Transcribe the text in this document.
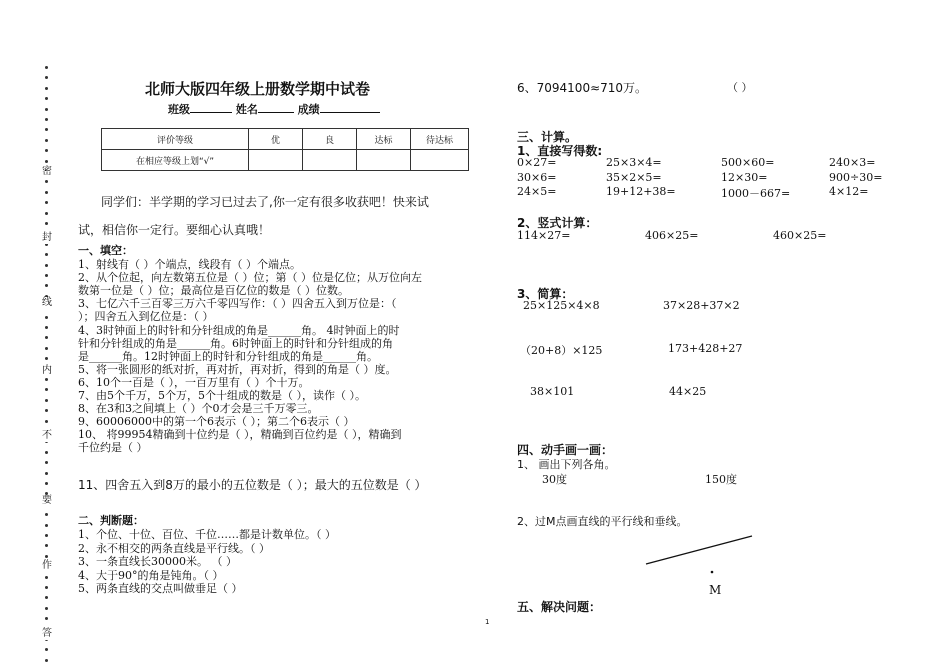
密
封
线
内
不
要
作
答
北师大版四年级上册数学期中试卷
班级	姓名	成绩
评价等级	优	良	达标	待达标
在相应等级上划“√”				
同学们：半学期的学习已过去了,你一定有很多收获吧！快来试
试，相信你一定行。要细心认真哦！
一、填空：
1、射线有（ ）个端点，线段有（ ）个端点。
2、从个位起，向左数第五位是（ ）位；第（ ）位是亿位；从万位向左
数第一位是（ ）位；最高位是百亿位的数是（ ）位数。
3、七亿六千三百零三万六千零四写作：（ ）四舍五入到万位是：（
）；四舍五入到亿位是：（ ）
4、3时钟面上的时针和分针组成的角是______角。 4时钟面上的时
针和分针组成的角是______角。6时钟面上的时针和分针组成的角
是______角。12时钟面上的时针和分针组成的角是______角。
5、将一张圆形的纸对折，再对折，再对折，得到的角是（ ）度。
6、10个一百是（ ），一百万里有（ ）个十万。
7、由5个千万，5个万，5个十组成的数是（ ），读作（ ）。
8、在3和3之间填上（ ）个0才会是三千万零三。
9、60006000中的第一个6表示（ ）；第二个6表示（ ）
10、 将99954精确到十位约是（ ），精确到百位约是（ ），精确到
千位约是（ ）
11、四舍五入到8万的最小的五位数是（ ）；最大的五位数是（ ）
二、判断题：
1、个位、十位、百位、千位……都是计数单位。（ ）
2、永不相交的两条直线是平行线。（ ）
3、一条直线长30000米。 （ ）
4、大于90°的角是钝角。（ ）
5、两条直线的交点叫做垂足（ ）
1
6、7094100≈710万。	（ ）
三、计算。
1、直接写得数:
0×27=	25×3×4=	500×60=	240×3=
30×6=	35×2×5=	12×30=	900÷30=
24×5=	19+12+38=	1000－667=	4×12=
2、竖式计算：
114×27=	406×25=	460×25=
3、简算：
25×125×4×8	37×28+37×2
（20+8）×125	173+428+27
38×101	44×25
四、动手画一画：
1、 画出下列各角。
30度	150度
2、过M点画直线的平行线和垂线。
M
五、解决问题：
